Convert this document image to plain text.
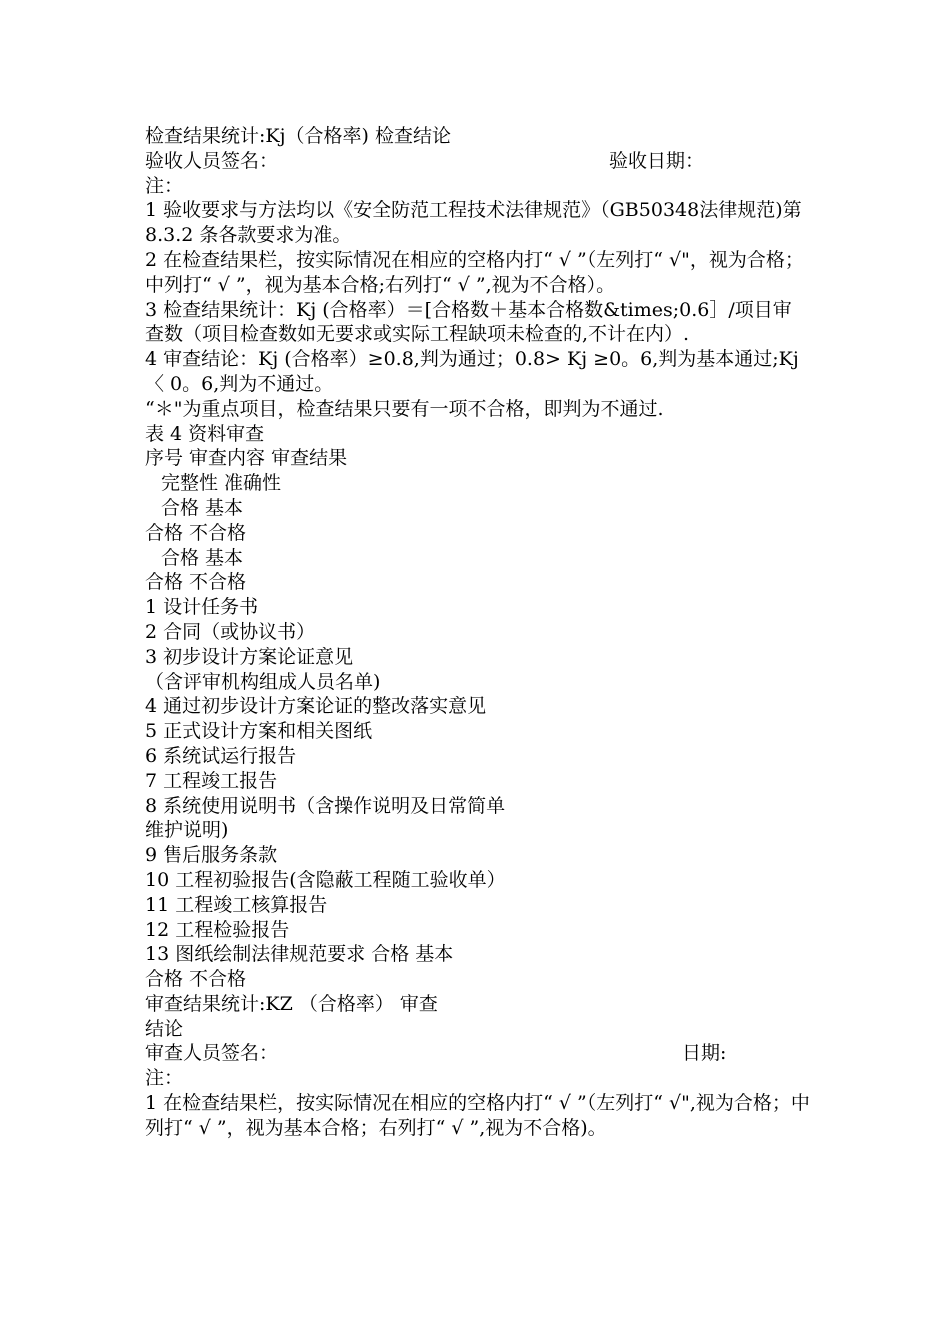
检查结果统计:Kj（合格率) 检查结论
验收人员签名：	验收日期：
注：
1 验收要求与方法均以《安全防范工程技术法律规范》（GB50348法律规范)第 8.3.2 条各款要求为准。
2 在检查结果栏，按实际情况在相应的空格内打“ √ ”（左列打“ √"，视为合格；中列打“ √ ”，视为基本合格;右列打“ √ ”,视为不合格）。
3 检查结果统计：Kj (合格率）＝[合格数＋基本合格数&times;0.6］/项目审查数（项目检查数如无要求或实际工程缺项未检查的,不计在内）.
4 审查结论：Kj (合格率）≥0.8,判为通过；0.8> Kj ≥0。6,判为基本通过;Kj 〈 0。6,判为不通过。
“＊"为重点项目，检查结果只要有一项不合格，即判为不通过.
表 4 资料审查
序号 审查内容 审查结果
完整性 准确性
合格 基本
合格 不合格
合格 基本
合格 不合格
1 设计任务书
2 合同（或协议书）
3 初步设计方案论证意见
（含评审机构组成人员名单)
4 通过初步设计方案论证的整改落实意见
5 正式设计方案和相关图纸
6 系统试运行报告
7 工程竣工报告
8 系统使用说明书（含操作说明及日常简单
维护说明)
9 售后服务条款
10 工程初验报告(含隐蔽工程随工验收单）
11 工程竣工核算报告
12 工程检验报告
13 图纸绘制法律规范要求 合格 基本
合格 不合格
审查结果统计:KZ （合格率） 审查
结论
审查人员签名：	日期:
注：
1 在检查结果栏，按实际情况在相应的空格内打“ √ ”（左列打“ √",视为合格；中列打“ √ ”，视为基本合格；右列打“ √ ”,视为不合格)。
